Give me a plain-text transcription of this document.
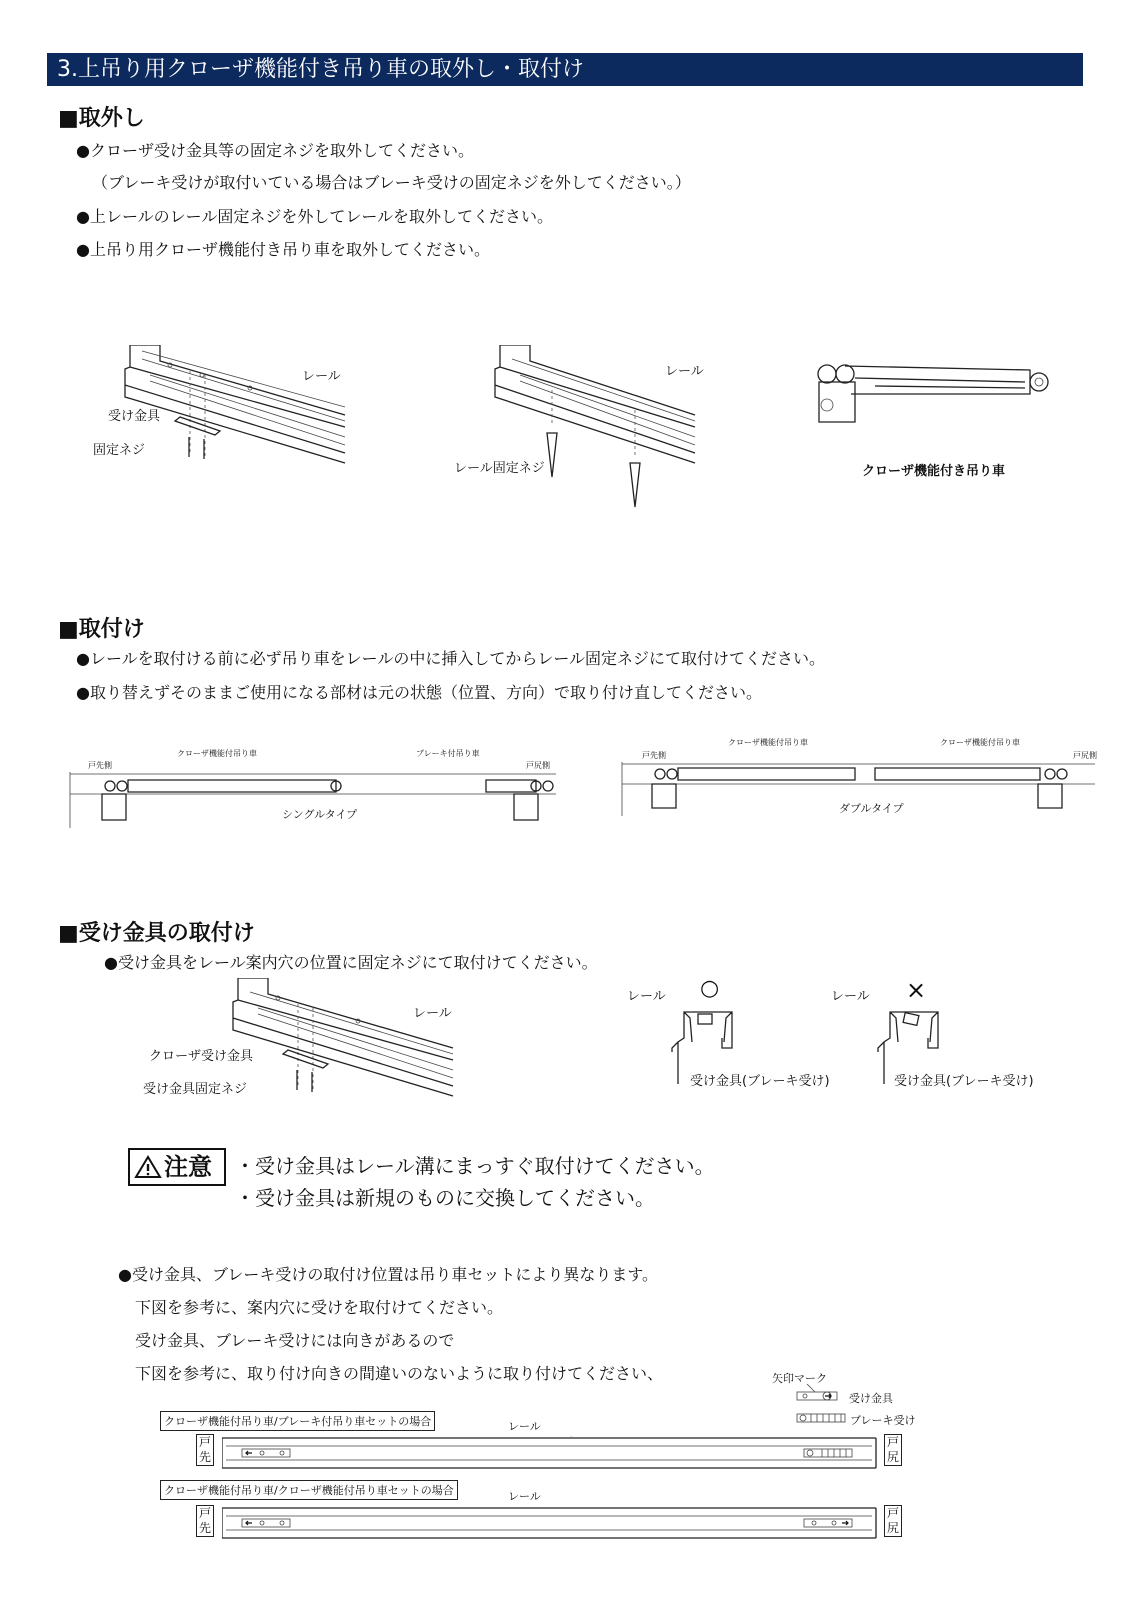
3.上吊り用クローザ機能付き吊り車の取外し・取付け
■取外し
●クローザ受け金具等の固定ネジを取外してください。
（ブレーキ受けが取付いている場合はブレーキ受けの固定ネジを外してください。）
●上レールのレール固定ネジを外してレールを取外してください。
●上吊り用クローザ機能付き吊り車を取外してください。
レール
受け金具
固定ネジ
レール
レール固定ネジ	クローザ機能付き吊り車
■取付け
●レールを取付ける前に必ず吊り車をレールの中に挿入してからレール固定ネジにて取付けてください。
●取り替えずそのままご使用になる部材は元の状態（位置、方向）で取り付け直してください。
戸先側
クローザ機能付吊り車	ブレーキ付吊り車
戸尻側
シングルタイプ
戸先側
クローザ機能付吊り車	クローザ機能付吊り車
戸尻側
ダブルタイプ
■受け金具の取付け
●受け金具をレール案内穴の位置に固定ネジにて取付けてください。
レール
クローザ受け金具
受け金具固定ネジ
レール ○
受け金具(ブレーキ受け)
レール ×
受け金具(ブレーキ受け)
注意	・受け金具はレール溝にまっすぐ取付けてください。
・受け金具は新規のものに交換してください。
●受け金具、ブレーキ受けの取付け位置は吊り車セットにより異なります。
下図を参考に、案内穴に受けを取付けてください。
受け金具、ブレーキ受けには向きがあるので
下図を参考に、取り付け向きの間違いのないように取り付けてください、	矢印マーク
受け金具
ブレーキ受け
クローザ機能付吊り車/ブレーキ付吊り車セットの場合	レール
戸
先
戸
尻
クローザ機能付吊り車/クローザ機能付吊り車セットの場合	レール
戸
先
戸
尻
